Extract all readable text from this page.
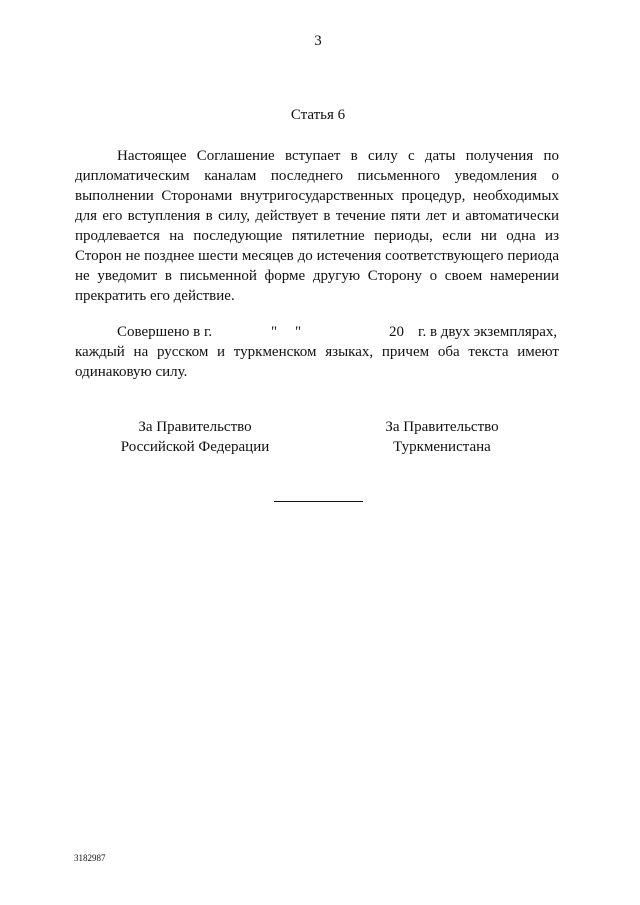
3
Статья 6
Настоящее Соглашение вступает в силу с даты получения по
дипломатическим каналам последнего письменного уведомления о
выполнении Сторонами внутригосударственных процедур, необходимых
для его вступления в силу, действует в течение пяти лет и автоматически
продлевается на последующие пятилетние периоды, если ни одна из
Сторон не позднее шести месяцев до истечения соответствующего периода
не уведомит в письменной форме другую Сторону о своем намерении
прекратить его действие.
Совершено в г.	" "	20 г. в двух экземплярах,
каждый на русском и туркменском языках, причем оба текста имеют
одинаковую силу.
За Правительство
Российской Федерации
За Правительство
Туркменистана
3182987
